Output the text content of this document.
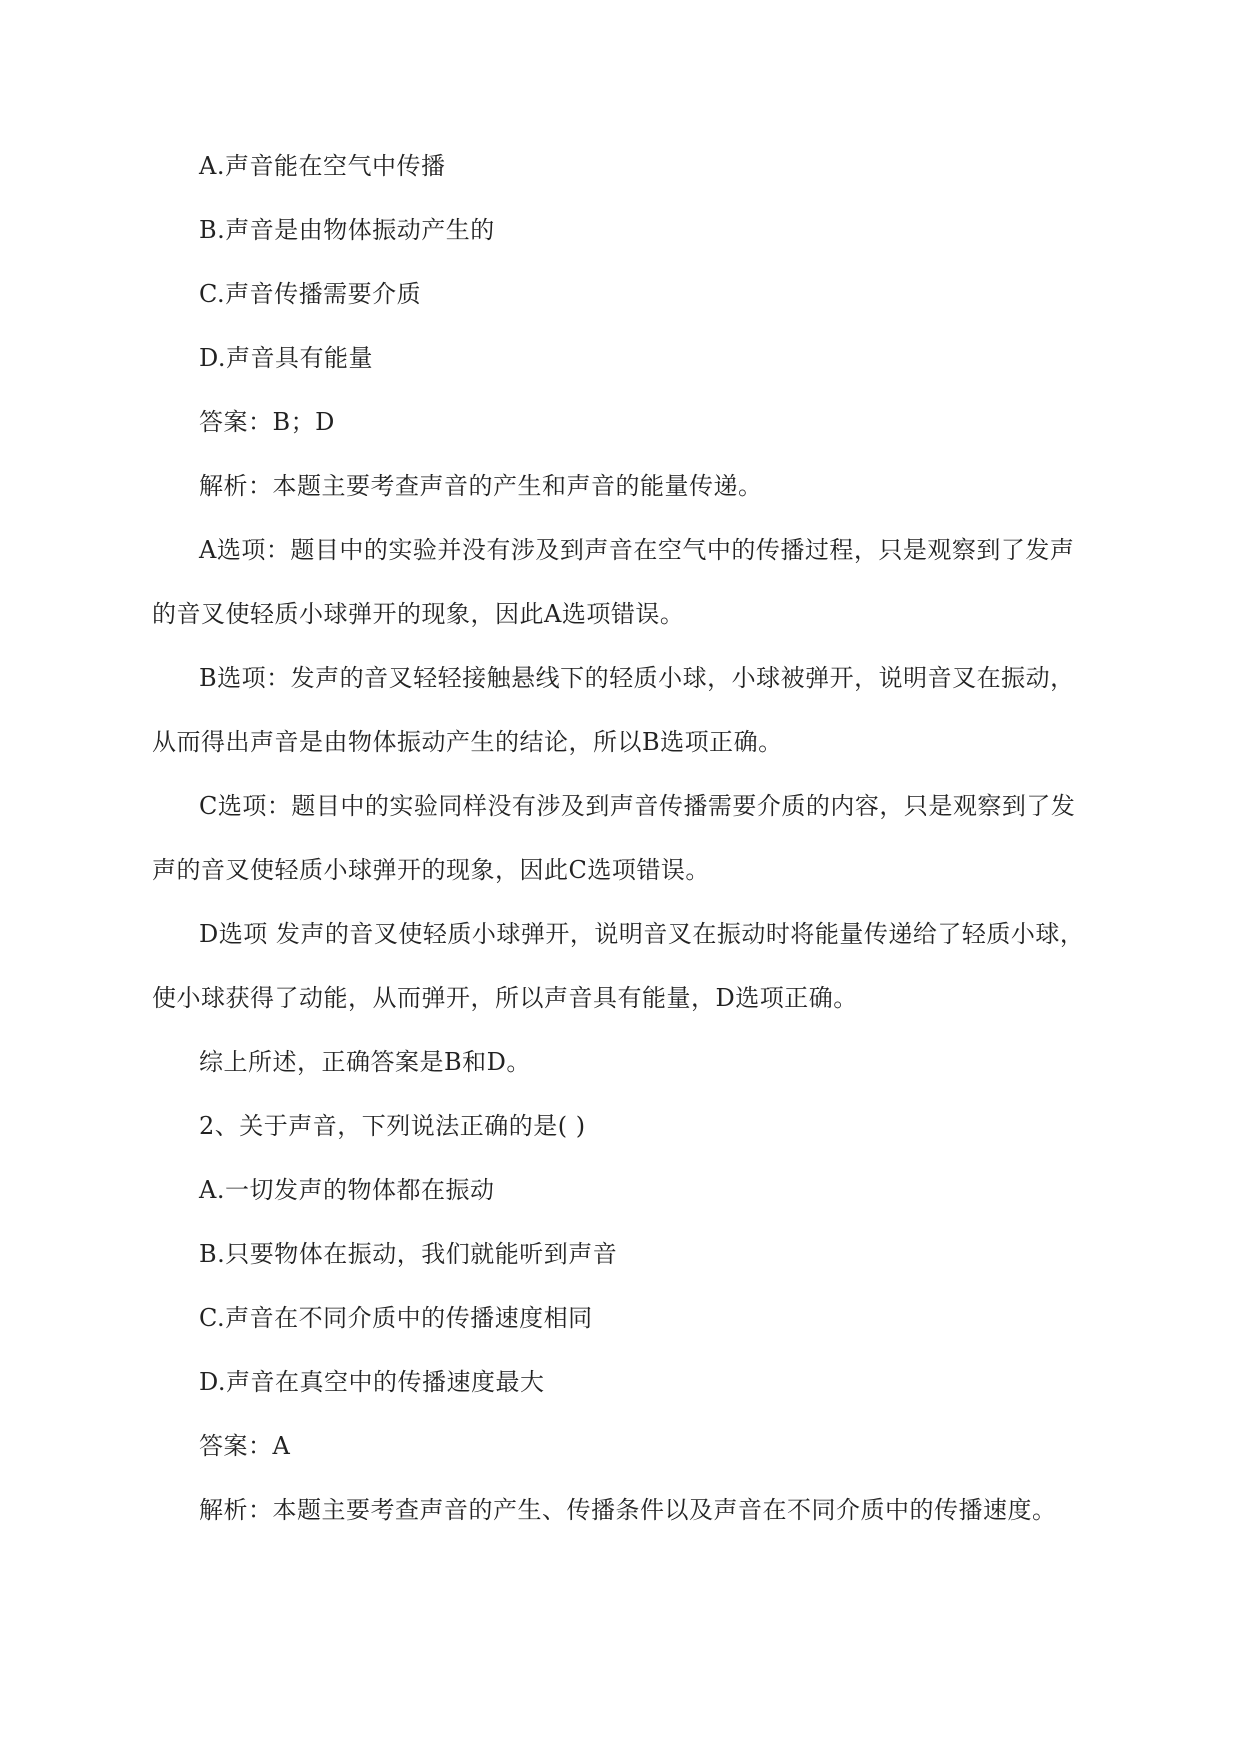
A.声音能在空气中传播
B.声音是由物体振动产生的
C.声音传播需要介质
D.声音具有能量
答案：B；D
解析：本题主要考查声音的产生和声音的能量传递。
A选项：题目中的实验并没有涉及到声音在空气中的传播过程，只是观察到了发声
的音叉使轻质小球弹开的现象，因此A选项错误。
B选项：发声的音叉轻轻接触悬线下的轻质小球，小球被弹开，说明音叉在振动，
从而得出声音是由物体振动产生的结论，所以B选项正确。
C选项：题目中的实验同样没有涉及到声音传播需要介质的内容，只是观察到了发
声的音叉使轻质小球弹开的现象，因此C选项错误。
D选项 发声的音叉使轻质小球弹开，说明音叉在振动时将能量传递给了轻质小球，
使小球获得了动能，从而弹开，所以声音具有能量，D选项正确。
综上所述，正确答案是B和D。
2、关于声音，下列说法正确的是( )
A.一切发声的物体都在振动
B.只要物体在振动，我们就能听到声音
C.声音在不同介质中的传播速度相同
D.声音在真空中的传播速度最大
答案：A
解析：本题主要考查声音的产生、传播条件以及声音在不同介质中的传播速度。
